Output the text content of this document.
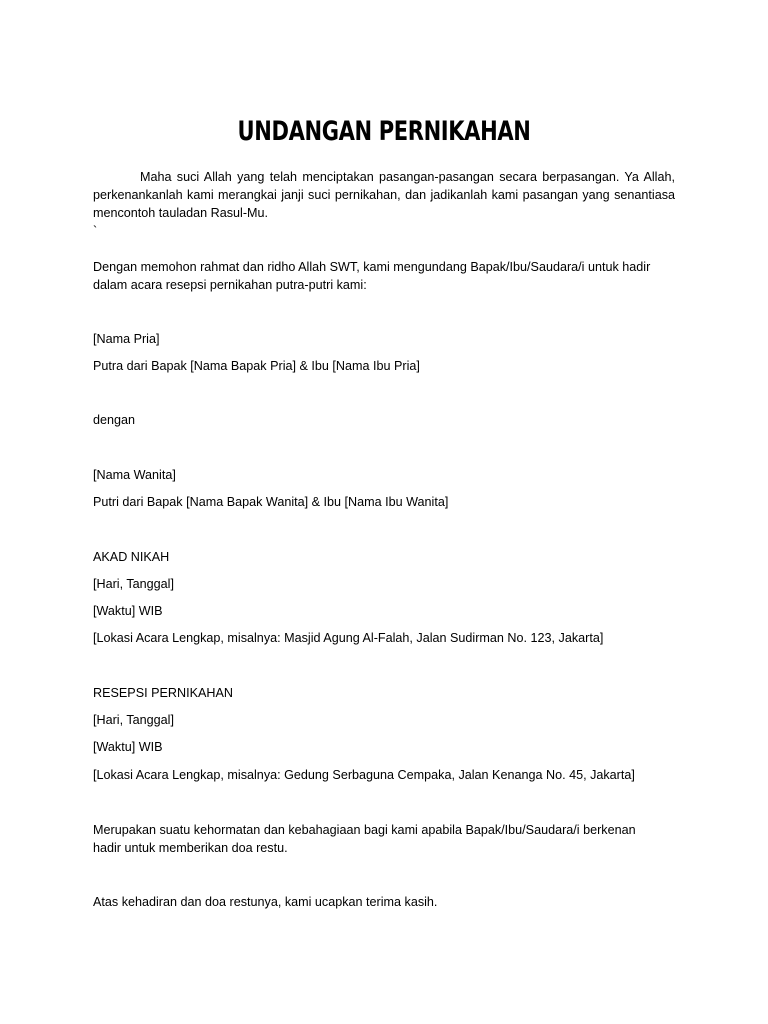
UNDANGAN PERNIKAHAN
Maha suci Allah yang telah menciptakan pasangan-pasangan secara berpasangan. Ya Allah,
perkenankanlah kami merangkai janji suci pernikahan, dan jadikanlah kami pasangan yang senantiasa
mencontoh tauladan Rasul-Mu.
`
Dengan memohon rahmat dan ridho Allah SWT, kami mengundang Bapak/Ibu/Saudara/i untuk hadir
dalam acara resepsi pernikahan putra-putri kami:
[Nama Pria]
Putra dari Bapak [Nama Bapak Pria] & Ibu [Nama Ibu Pria]
dengan
[Nama Wanita]
Putri dari Bapak [Nama Bapak Wanita] & Ibu [Nama Ibu Wanita]
AKAD NIKAH
[Hari, Tanggal]
[Waktu] WIB
[Lokasi Acara Lengkap, misalnya: Masjid Agung Al-Falah, Jalan Sudirman No. 123, Jakarta]
RESEPSI PERNIKAHAN
[Hari, Tanggal]
[Waktu] WIB
[Lokasi Acara Lengkap, misalnya: Gedung Serbaguna Cempaka, Jalan Kenanga No. 45, Jakarta]
Merupakan suatu kehormatan dan kebahagiaan bagi kami apabila Bapak/Ibu/Saudara/i berkenan
hadir untuk memberikan doa restu.
Atas kehadiran dan doa restunya, kami ucapkan terima kasih.
